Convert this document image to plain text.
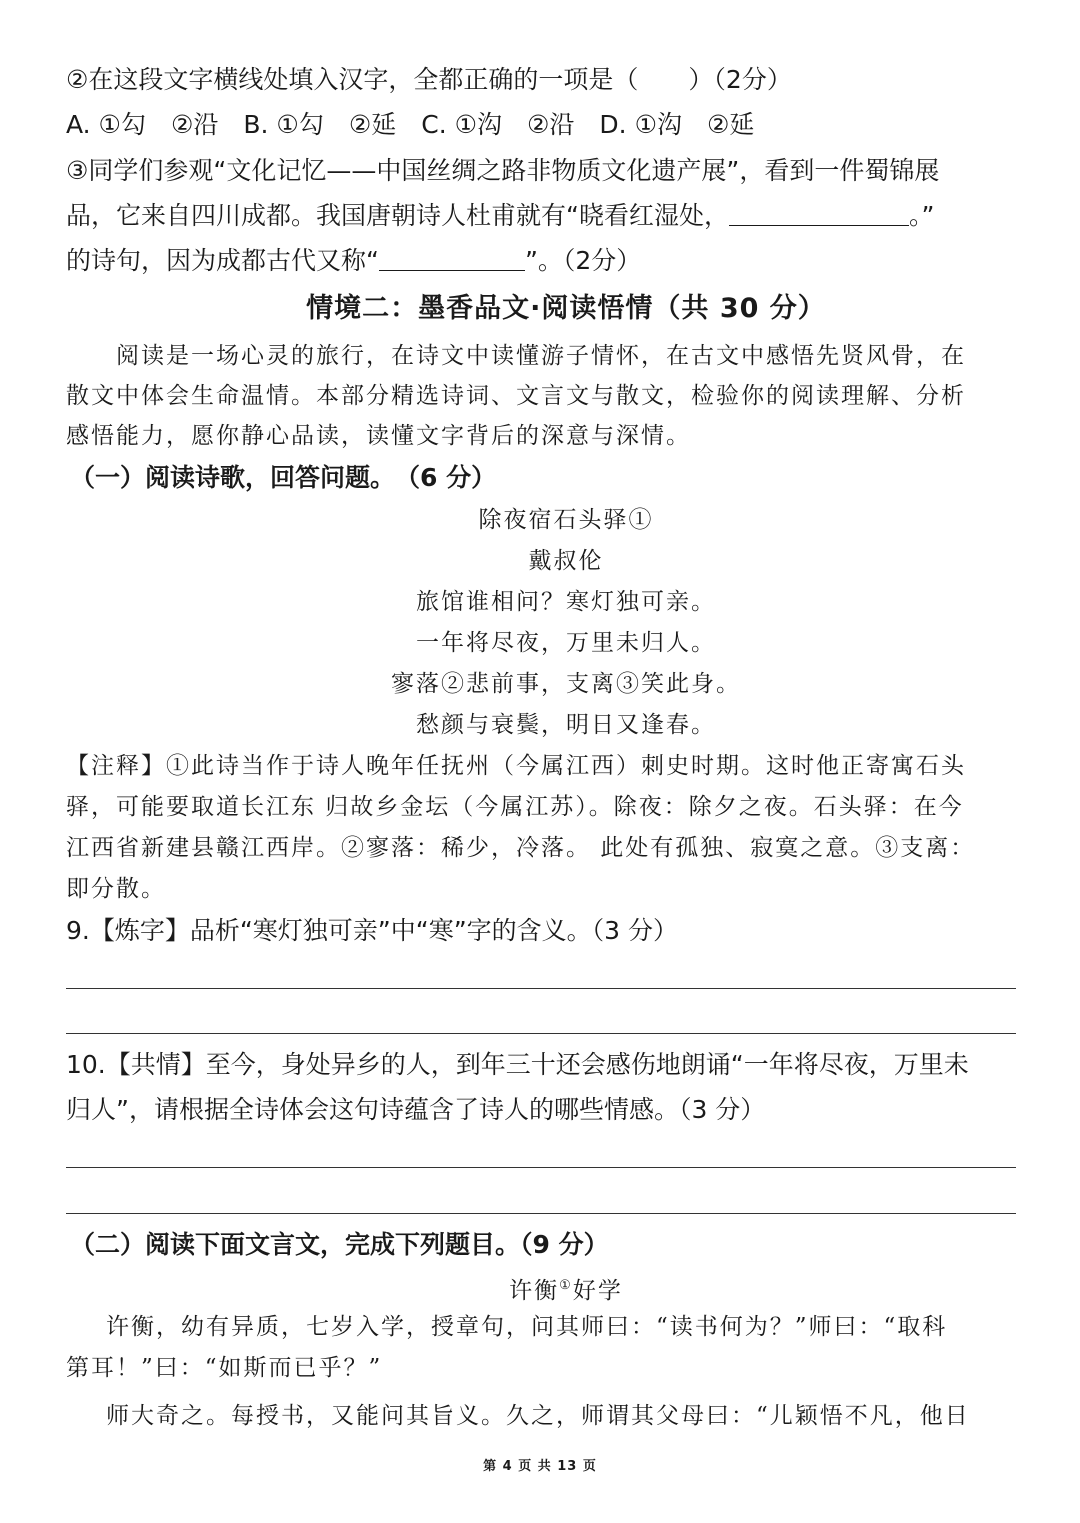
②在这段文字横线处填入汉字，全都正确的一项是（　　）（2分）
A. ①勾　②沿　B. ①勾　②延　C. ①沟　②沿　D. ①沟　②延
③同学们参观“文化记忆——中国丝绸之路非物质文化遗产展”，看到一件蜀锦展
品，它来自四川成都。我国唐朝诗人杜甫就有“晓看红湿处，	。”
的诗句，因为成都古代又称“	”。（2分）
情境二：墨香品文·阅读悟情（共 30 分）
阅读是一场心灵的旅行，在诗文中读懂游子情怀，在古文中感悟先贤风骨，在
散文中体会生命温情。本部分精选诗词、文言文与散文，检验你的阅读理解、分析
感悟能力，愿你静心品读，读懂文字背后的深意与深情。
（一）阅读诗歌，回答问题。　（6 分）
除夜宿石头驿①
戴叔伦
旅馆谁相问？寒灯独可亲。
一年将尽夜，万里未归人。
寥落②悲前事，支离③笑此身。
愁颜与衰鬓，明日又逢春。
【注释】①此诗当作于诗人晚年任抚州（今属江西）刺史时期。这时他正寄寓石头
驿，可能要取道长江东 归故乡金坛（今属江苏）。除夜：除夕之夜。石头驿：在今
江西省新建县赣江西岸。②寥落：稀少，冷落。 此处有孤独、寂寞之意。③支离：
即分散。
9.【炼字】品析“寒灯独可亲”中“寒”字的含义。（3 分）
10.【共情】至今，身处异乡的人，到年三十还会感伤地朗诵“一年将尽夜，万里未
归人”，请根据全诗体会这句诗蕴含了诗人的哪些情感。（3 分）
（二）阅读下面文言文，完成下列题目。（9 分）
许衡①好学
许衡，幼有异质，七岁入学，授章句，问其师曰：“读书何为？”师曰：“取科
第耳！”曰：“如斯而已乎？”
师大奇之。每授书，又能问其旨义。久之，师谓其父母曰：“儿颖悟不凡，他日
第 4 页 共 13 页
